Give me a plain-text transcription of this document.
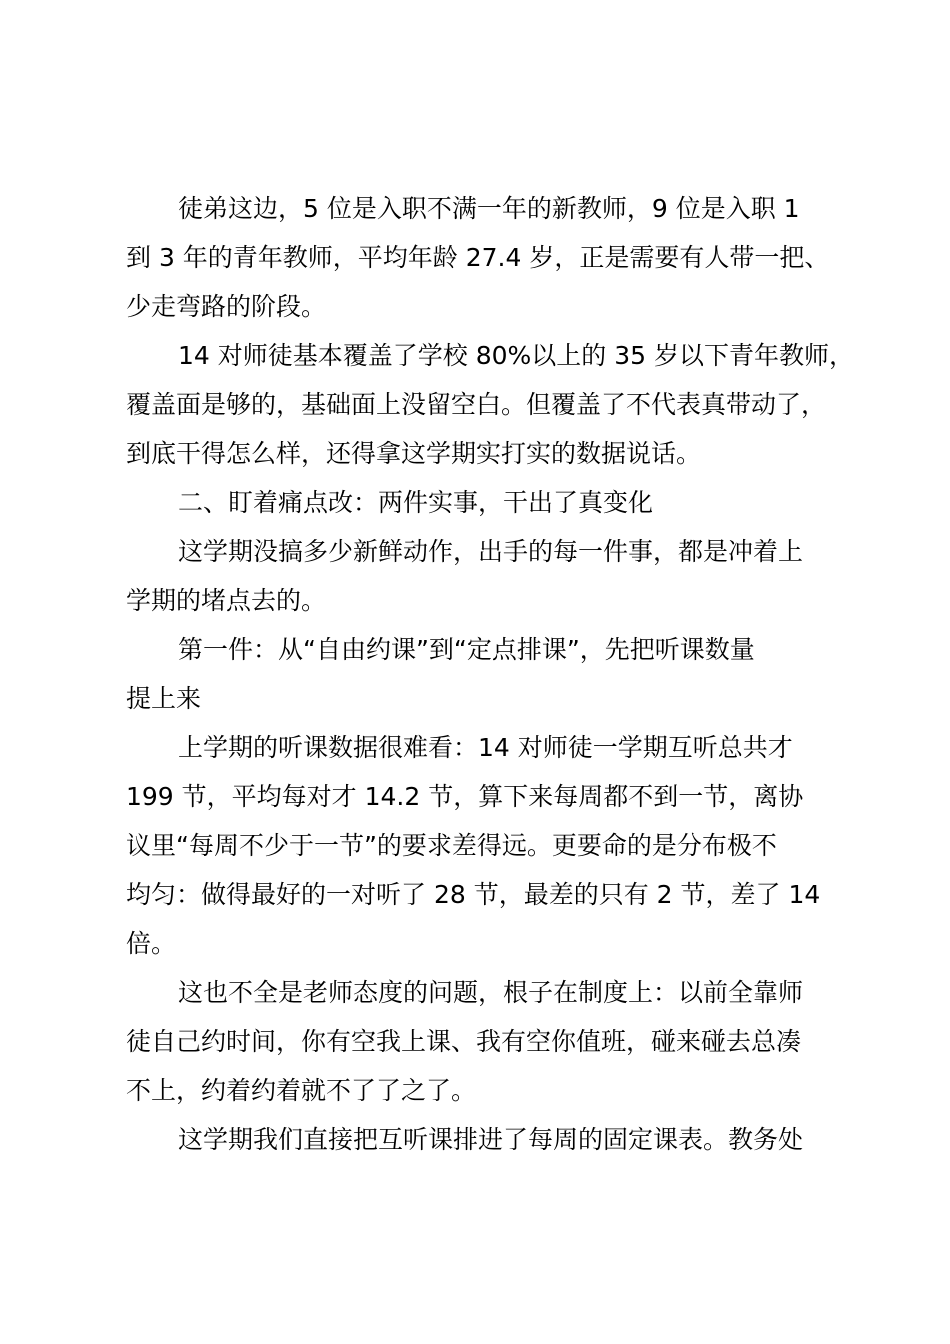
徒弟这边，5 位是入职不满一年的新教师，9 位是入职 1
到 3 年的青年教师，平均年龄 27.4 岁，正是需要有人带一把、
少走弯路的阶段。
14 对师徒基本覆盖了学校 80%以上的 35 岁以下青年教师，
覆盖面是够的，基础面上没留空白。但覆盖了不代表真带动了，
到底干得怎么样，还得拿这学期实打实的数据说话。
二、盯着痛点改：两件实事，干出了真变化
这学期没搞多少新鲜动作，出手的每一件事，都是冲着上
学期的堵点去的。
第一件：从“自由约课”到“定点排课”，先把听课数量
提上来
上学期的听课数据很难看：14 对师徒一学期互听总共才
199 节，平均每对才 14.2 节，算下来每周都不到一节，离协
议里“每周不少于一节”的要求差得远。更要命的是分布极不
均匀：做得最好的一对听了 28 节，最差的只有 2 节，差了 14
倍。
这也不全是老师态度的问题，根子在制度上：以前全靠师
徒自己约时间，你有空我上课、我有空你值班，碰来碰去总凑
不上，约着约着就不了了之了。
这学期我们直接把互听课排进了每周的固定课表。教务处
